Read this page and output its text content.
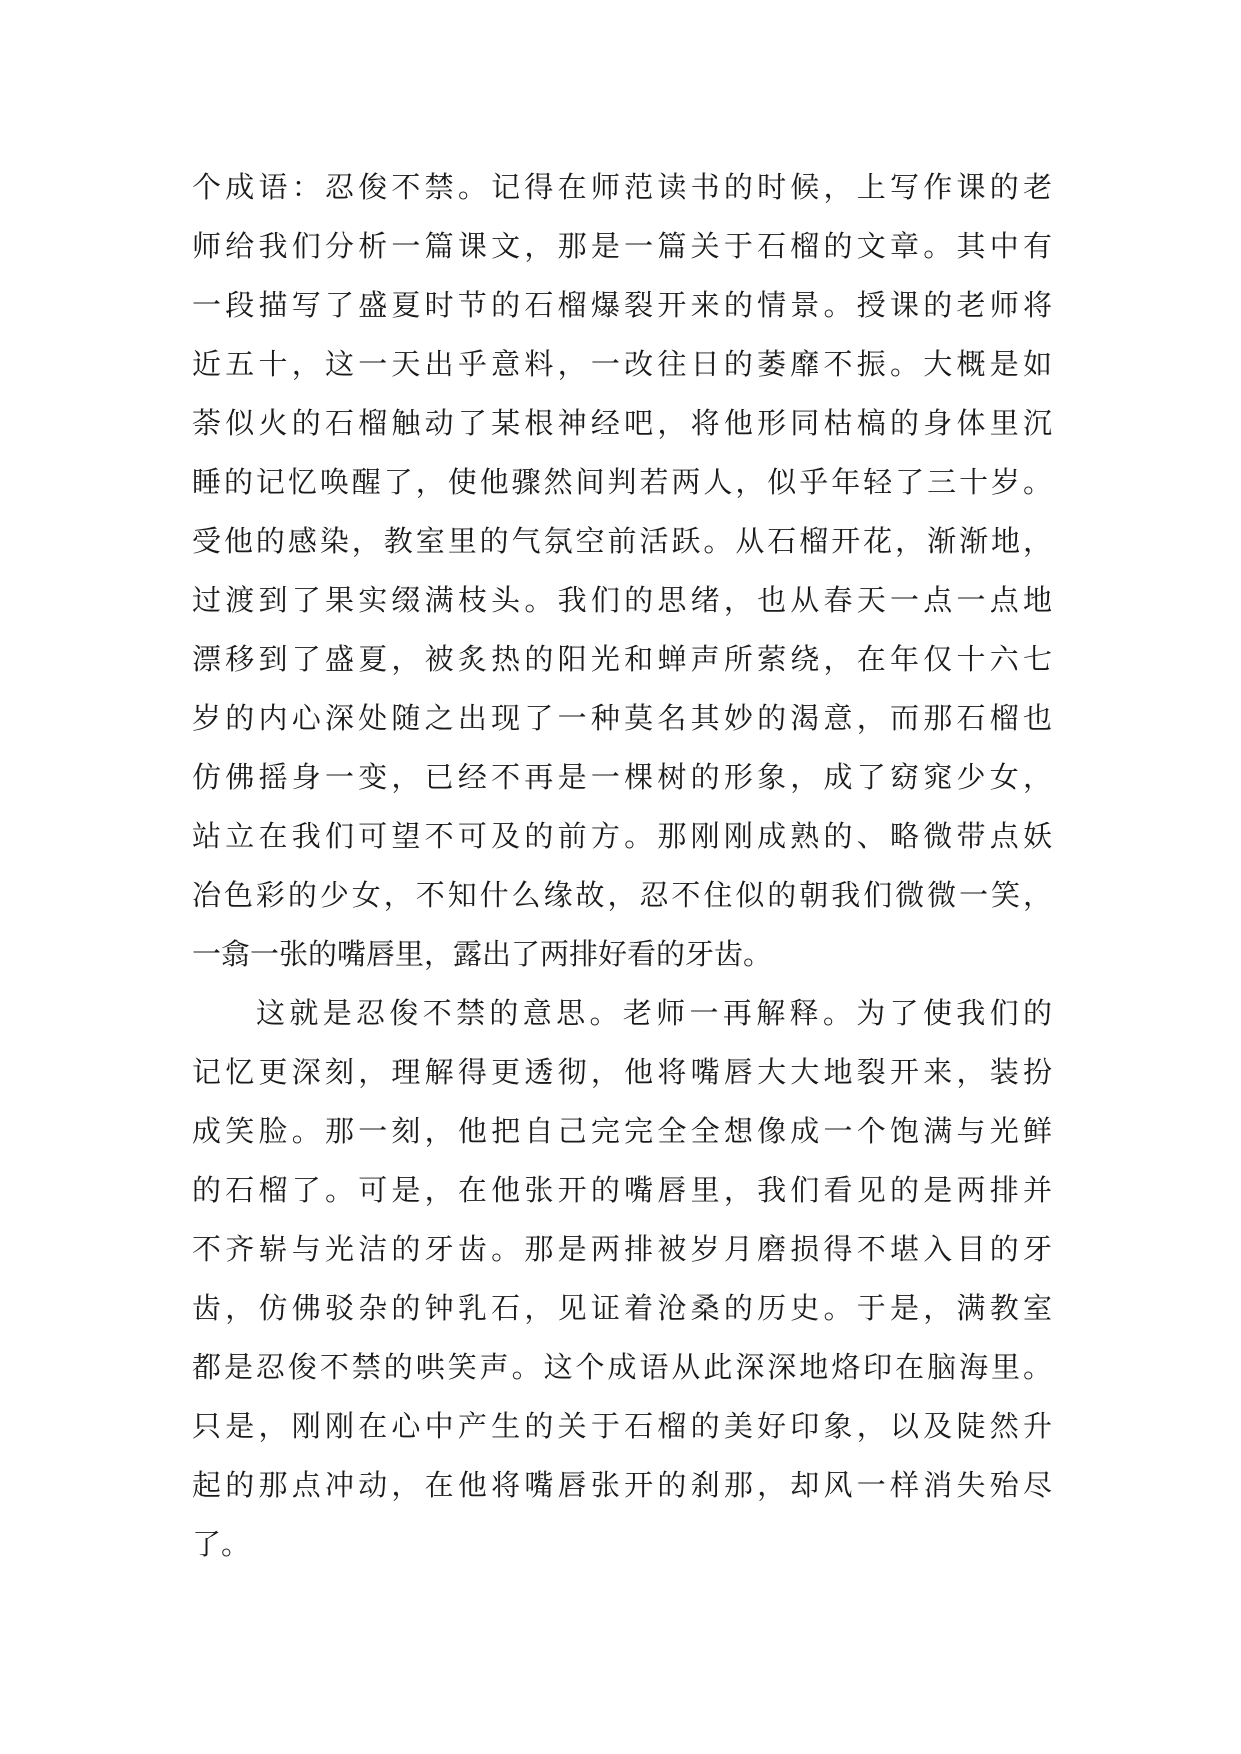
个成语：忍俊不禁。记得在师范读书的时候，上写作课的老
师给我们分析一篇课文，那是一篇关于石榴的文章。其中有
一段描写了盛夏时节的石榴爆裂开来的情景。授课的老师将
近五十，这一天出乎意料，一改往日的萎靡不振。大概是如
荼似火的石榴触动了某根神经吧，将他形同枯槁的身体里沉
睡的记忆唤醒了，使他骤然间判若两人，似乎年轻了三十岁。
受他的感染，教室里的气氛空前活跃。从石榴开花，渐渐地，
过渡到了果实缀满枝头。我们的思绪，也从春天一点一点地
漂移到了盛夏，被炙热的阳光和蝉声所萦绕，在年仅十六七
岁的内心深处随之出现了一种莫名其妙的渴意，而那石榴也
仿佛摇身一变，已经不再是一棵树的形象，成了窈窕少女，
站立在我们可望不可及的前方。那刚刚成熟的、略微带点妖
冶色彩的少女，不知什么缘故，忍不住似的朝我们微微一笑，
一翕一张的嘴唇里，露出了两排好看的牙齿。
这就是忍俊不禁的意思。老师一再解释。为了使我们的
记忆更深刻，理解得更透彻，他将嘴唇大大地裂开来，装扮
成笑脸。那一刻，他把自己完完全全想像成一个饱满与光鲜
的石榴了。可是，在他张开的嘴唇里，我们看见的是两排并
不齐崭与光洁的牙齿。那是两排被岁月磨损得不堪入目的牙
齿，仿佛驳杂的钟乳石，见证着沧桑的历史。于是，满教室
都是忍俊不禁的哄笑声。这个成语从此深深地烙印在脑海里。
只是，刚刚在心中产生的关于石榴的美好印象，以及陡然升
起的那点冲动，在他将嘴唇张开的刹那，却风一样消失殆尽
了。
